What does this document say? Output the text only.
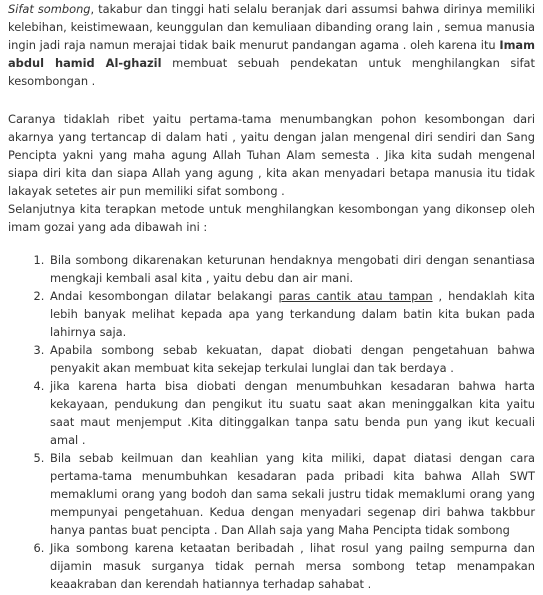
Sifat sombong, takabur dan tinggi hati selalu beranjak dari assumsi bahwa dirinya memiliki kelebihan, keistimewaan, keunggulan dan kemuliaan dibanding orang lain , semua manusia ingin jadi raja namun merajai tidak baik menurut pandangan agama . oleh karena itu Imam abdul hamid Al-ghazil membuat sebuah pendekatan untuk menghilangkan sifat kesombongan .

Caranya tidaklah ribet yaitu pertama-tama menumbangkan pohon kesombongan dari akarnya yang tertancap di dalam hati , yaitu dengan jalan mengenal diri sendiri dan Sang Pencipta yakni yang maha agung Allah Tuhan Alam semesta . Jika kita sudah mengenal siapa diri kita dan siapa Allah yang agung , kita akan menyadari betapa manusia itu tidak lakayak setetes air pun memiliki sifat sombong .
Selanjutnya kita terapkan metode untuk menghilangkan kesombongan yang dikonsep oleh imam gozai yang ada dibawah ini :

1. Bila sombong dikarenakan keturunan hendaknya mengobati diri dengan senantiasa mengkaji kembali asal kita , yaitu debu dan air mani.
2. Andai kesombongan dilatar belakangi paras cantik atau tampan , hendaklah kita lebih banyak melihat kepada apa yang terkandung dalam batin kita bukan pada lahirnya saja.
3. Apabila sombong sebab kekuatan, dapat diobati dengan pengetahuan bahwa penyakit akan membuat kita sekejap terkulai lunglai dan tak berdaya .
4. jika karena harta bisa diobati dengan menumbuhkan kesadaran bahwa harta kekayaan, pendukung dan pengikut itu suatu saat akan meninggalkan kita yaitu saat maut menjemput .Kita ditinggalkan tanpa satu benda pun yang ikut kecuali amal .
5. Bila sebab keilmuan dan keahlian yang kita miliki, dapat diatasi dengan cara pertama-tama menumbuhkan kesadaran pada pribadi kita bahwa Allah SWT memaklumi orang yang bodoh dan sama sekali justru tidak memaklumi orang yang mempunyai pengetahuan. Kedua dengan menyadari segenap diri bahwa takbbur hanya pantas buat pencipta . Dan Allah saja yang Maha Pencipta tidak sombong
6. Jika sombong karena ketaatan beribadah , lihat rosul yang pailng sempurna dan dijamin masuk surganya tidak pernah mersa sombong tetap menampakan keaakraban dan kerendah hatiannya terhadap sahabat .
